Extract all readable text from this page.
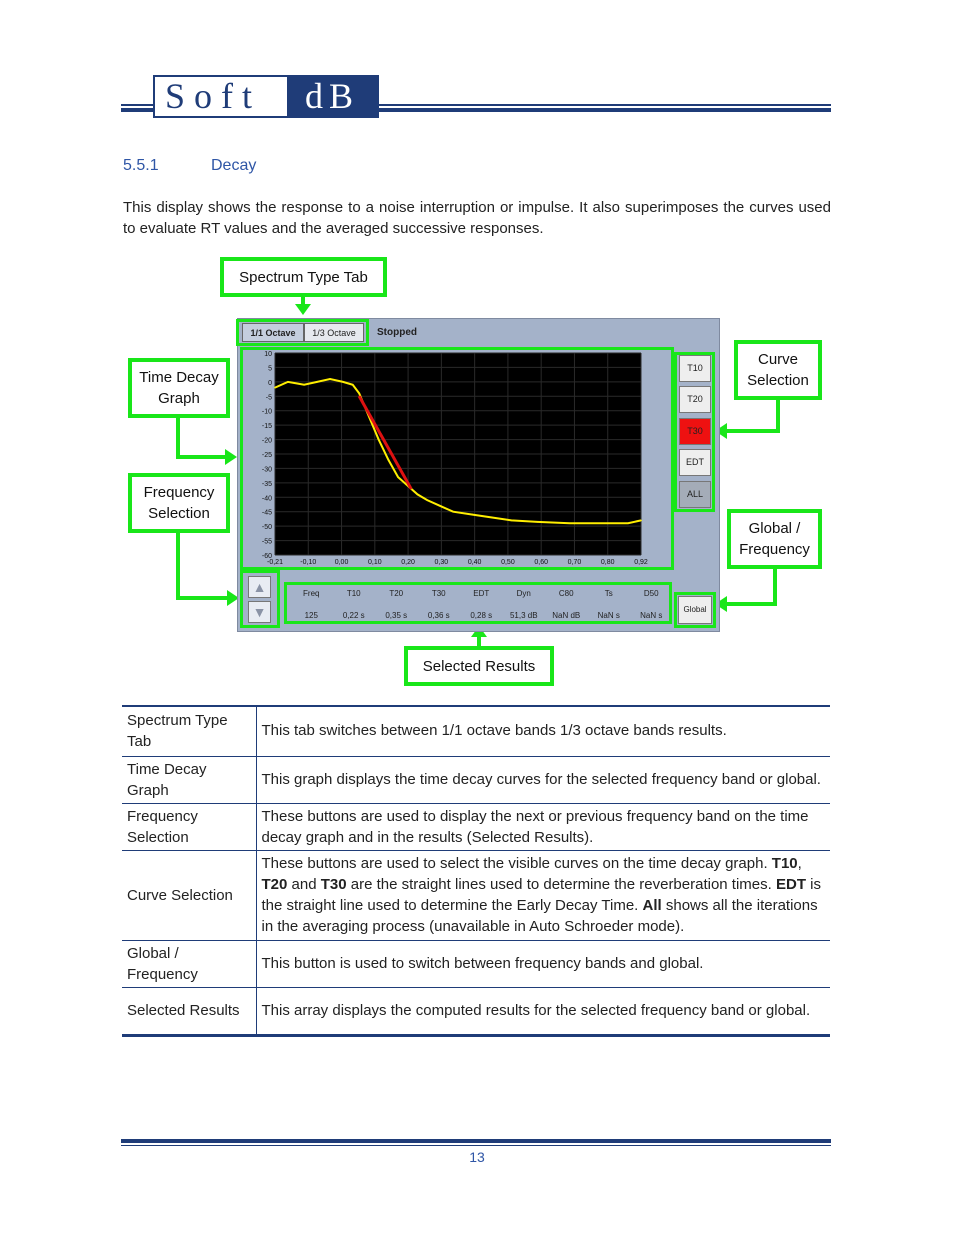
Soft	dB
5.5.1	Decay

This display shows the response to a noise interruption or impulse. It also superimposes the curves used to evaluate RT values and the averaged successive responses.

Spectrum Type Tab
Time Decay Graph
Frequency Selection
Curve Selection
Global / Frequency
Selected Results
1/1 Octave	1/3 Octave	Stopped
10
5
0
-5
-10
-15
-20
-25
-30
-35
-40
-45
-50
-55
-60
-0,21 -0,10	0,00	0,10	0,20	0,30	0,40	0,50	0,60	0,70	0,80	0,92
T10
T20
T30
EDT
ALL
▲
▼
Freq	T10	T20	T30	EDT	Dyn	C80	Ts	D50
125	0,22 s	0,35 s	0,36 s	0,28 s	51,3 dB	NaN dB	NaN s	NaN s
Global
Spectrum Type Tab	This tab switches between 1/1 octave bands 1/3 octave bands results.
Time Decay Graph	This graph displays the time decay curves for the selected frequency band or global.
Frequency Selection	These buttons are used to display the next or previous frequency band on the time decay graph and in the results (Selected Results).
Curve Selection	These buttons are used to select the visible curves on the time decay graph. T10, T20 and T30 are the straight lines used to determine the reverberation times. EDT is the straight line used to determine the Early Decay Time. All shows all the iterations in the averaging process (unavailable in Auto Schroeder mode).
Global / Frequency	This button is used to switch between frequency bands and global.
Selected Results	This array displays the computed results for the selected frequency band or global.
13
